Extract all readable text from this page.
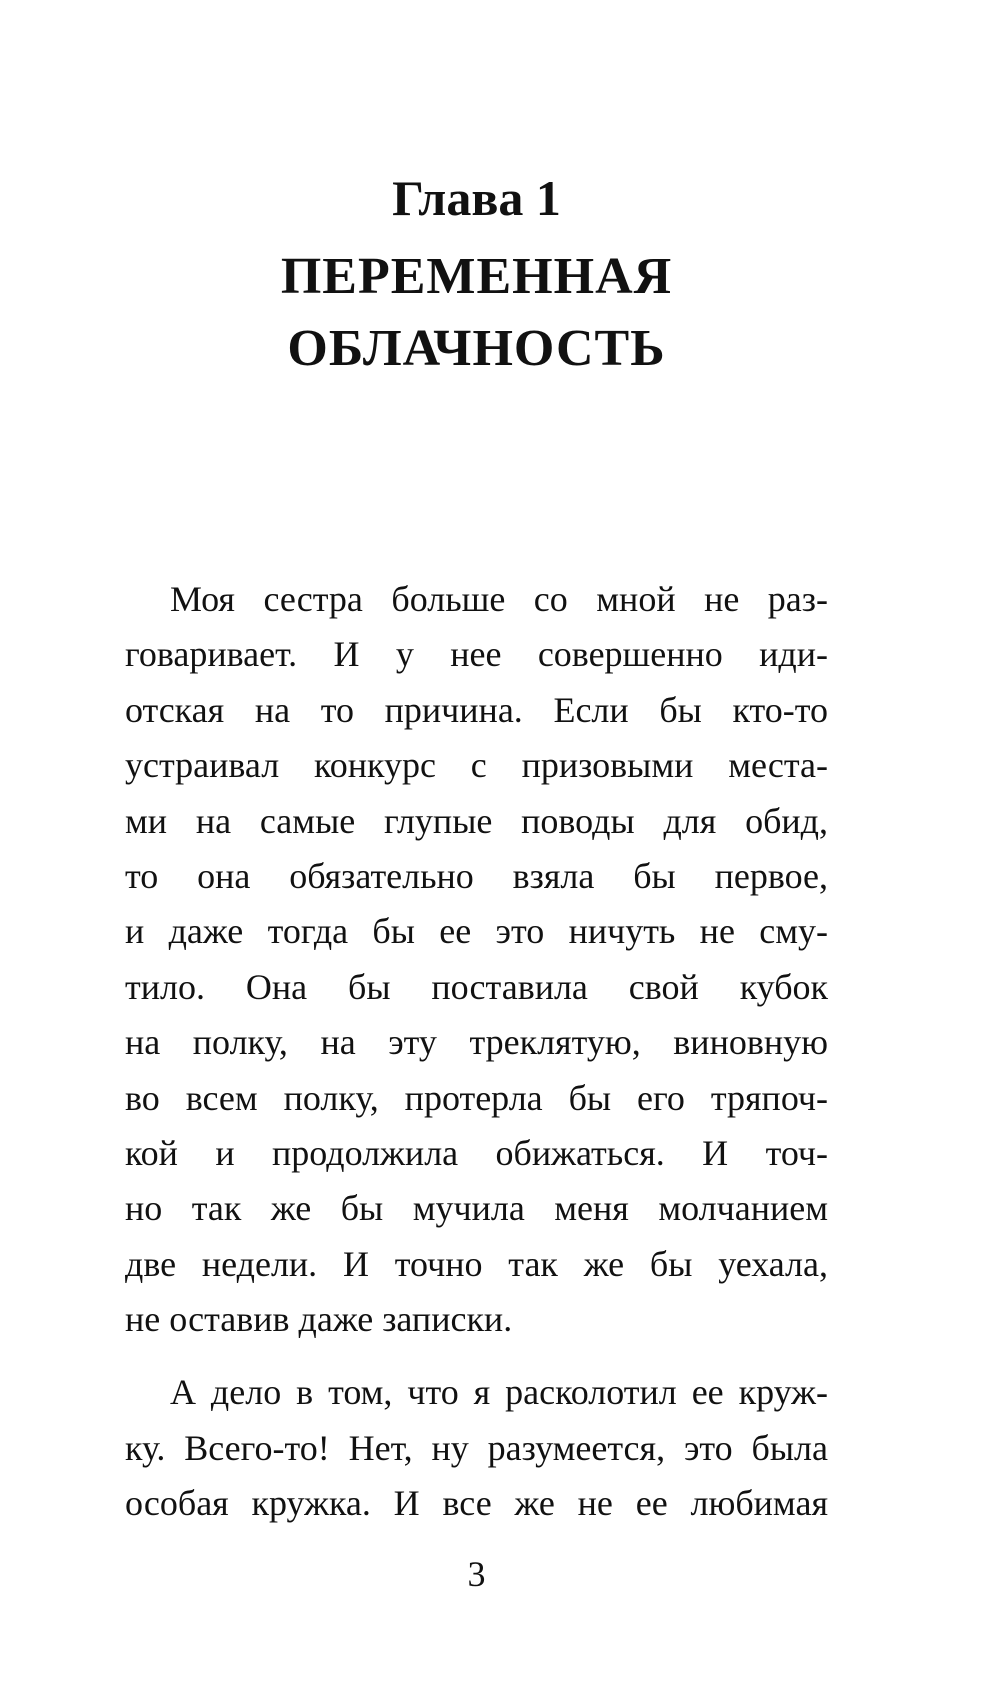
Глава 1
ПЕРЕМЕННАЯ
ОБЛАЧНОСТЬ
Моя сестра больше со мной не раз-
говаривает. И у нее совершенно иди-
отская на то причина. Если бы кто-то
устраивал конкурс с призовыми места-
ми на самые глупые поводы для обид,
то она обязательно взяла бы первое,
и даже тогда бы ее это ничуть не сму-
тило. Она бы поставила свой кубок
на полку, на эту треклятую, виновную
во всем полку, протерла бы его тряпоч-
кой и продолжила обижаться. И точ-
но так же бы мучила меня молчанием
две недели. И точно так же бы уехала,
не оставив даже записки.
А дело в том, что я расколотил ее круж-
ку. Всего-то! Нет, ну разумеется, это была
особая кружка. И все же не ее любимая
3
